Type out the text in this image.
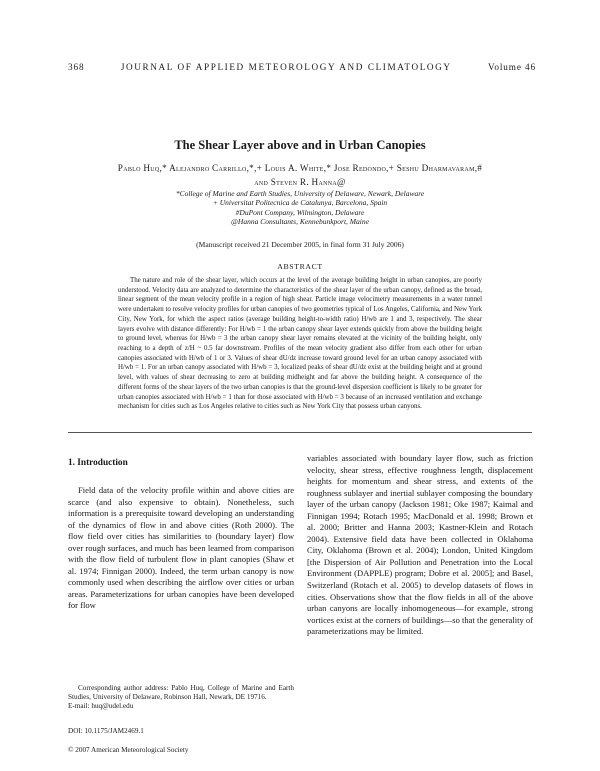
368	JOURNAL OF APPLIED METEOROLOGY AND CLIMATOLOGY	Volume 46
The Shear Layer above and in Urban Canopies
Pablo Huq,* Alejandro Carrillo,*,+ Louis A. White,* Jose Redondo,+ Seshu Dharmavaram,#
and Steven R. Hanna@
*College of Marine and Earth Studies, University of Delaware, Newark, Delaware
+ Universitat Politecnica de Catalunya, Barcelona, Spain
#DuPont Company, Wilmington, Delaware
@Hanna Consultants, Kennebunkport, Maine
(Manuscript received 21 December 2005, in final form 31 July 2006)
ABSTRACT

The nature and role of the shear layer, which occurs at the level of the average building height in urban canopies, are poorly understood. Velocity data are analyzed to determine the characteristics of the shear layer of the urban canopy, defined as the broad, linear segment of the mean velocity profile in a region of high shear. Particle image velocimetry measurements in a water tunnel were undertaken to resolve velocity profiles for urban canopies of two geometries typical of Los Angeles, California, and New York City, New York, for which the aspect ratios (average building height-to-width ratio) H/wb are 1 and 3, respectively. The shear layers evolve with distance differently: For H/wb = 1 the urban canopy shear layer extends quickly from above the building height to ground level, whereas for H/wb = 3 the urban canopy shear layer remains elevated at the vicinity of the building height, only reaching to a depth of z/H ~ 0.5 far downstream. Profiles of the mean velocity gradient also differ from each other for urban canopies associated with H/wb of 1 or 3. Values of shear dU/dz increase toward ground level for an urban canopy associated with H/wb = 1. For an urban canopy associated with H/wb = 3, localized peaks of shear dU/dz exist at the building height and at ground level, with values of shear decreasing to zero at building midheight and far above the building height. A consequence of the different forms of the shear layers of the two urban canopies is that the ground-level dispersion coefficient is likely to be greater for urban canopies associated with H/wb = 1 than for those associated with H/wb = 3 because of an increased ventilation and exchange mechanism for cities such as Los Angeles relative to cities such as New York City that possess urban canyons.

1. Introduction

Field data of the velocity profile within and above cities are scarce (and also expensive to obtain). Nonetheless, such information is a prerequisite toward developing an understanding of the dynamics of flow in and above cities (Roth 2000). The flow field over cities has similarities to (boundary layer) flow over rough surfaces, and much has been learned from comparison with the flow field of turbulent flow in plant canopies (Shaw et al. 1974; Finnigan 2000). Indeed, the term urban canopy is now commonly used when describing the airflow over cities or urban areas. Parameterizations for urban canopies have been developed for flow

variables associated with boundary layer flow, such as friction velocity, shear stress, effective roughness length, displacement heights for momentum and shear stress, and extents of the roughness sublayer and inertial sublayer composing the boundary layer of the urban canopy (Jackson 1981; Oke 1987; Kaimal and Finnigan 1994; Rotach 1995; MacDonald et al. 1998; Brown et al. 2000; Britter and Hanna 2003; Kastner-Klein and Rotach 2004). Extensive field data have been collected in Oklahoma City, Oklahoma (Brown et al. 2004); London, United Kingdom [the Dispersion of Air Pollution and Penetration into the Local Environment (DAPPLE) program; Dobre et al. 2005]; and Basel, Switzerland (Rotach et al. 2005) to develop datasets of flows in cities. Observations show that the flow fields in all of the above urban canyons are locally inhomogeneous—for example, strong vortices exist at the corners of buildings—so that the generality of parameterizations may be limited.

Corresponding author address: Pablo Huq, College of Marine and Earth Studies, University of Delaware, Robinson Hall, Newark, DE 19716.

E-mail: huq@udel.edu
DOI: 10.1175/JAM2469.1
© 2007 American Meteorological Society
